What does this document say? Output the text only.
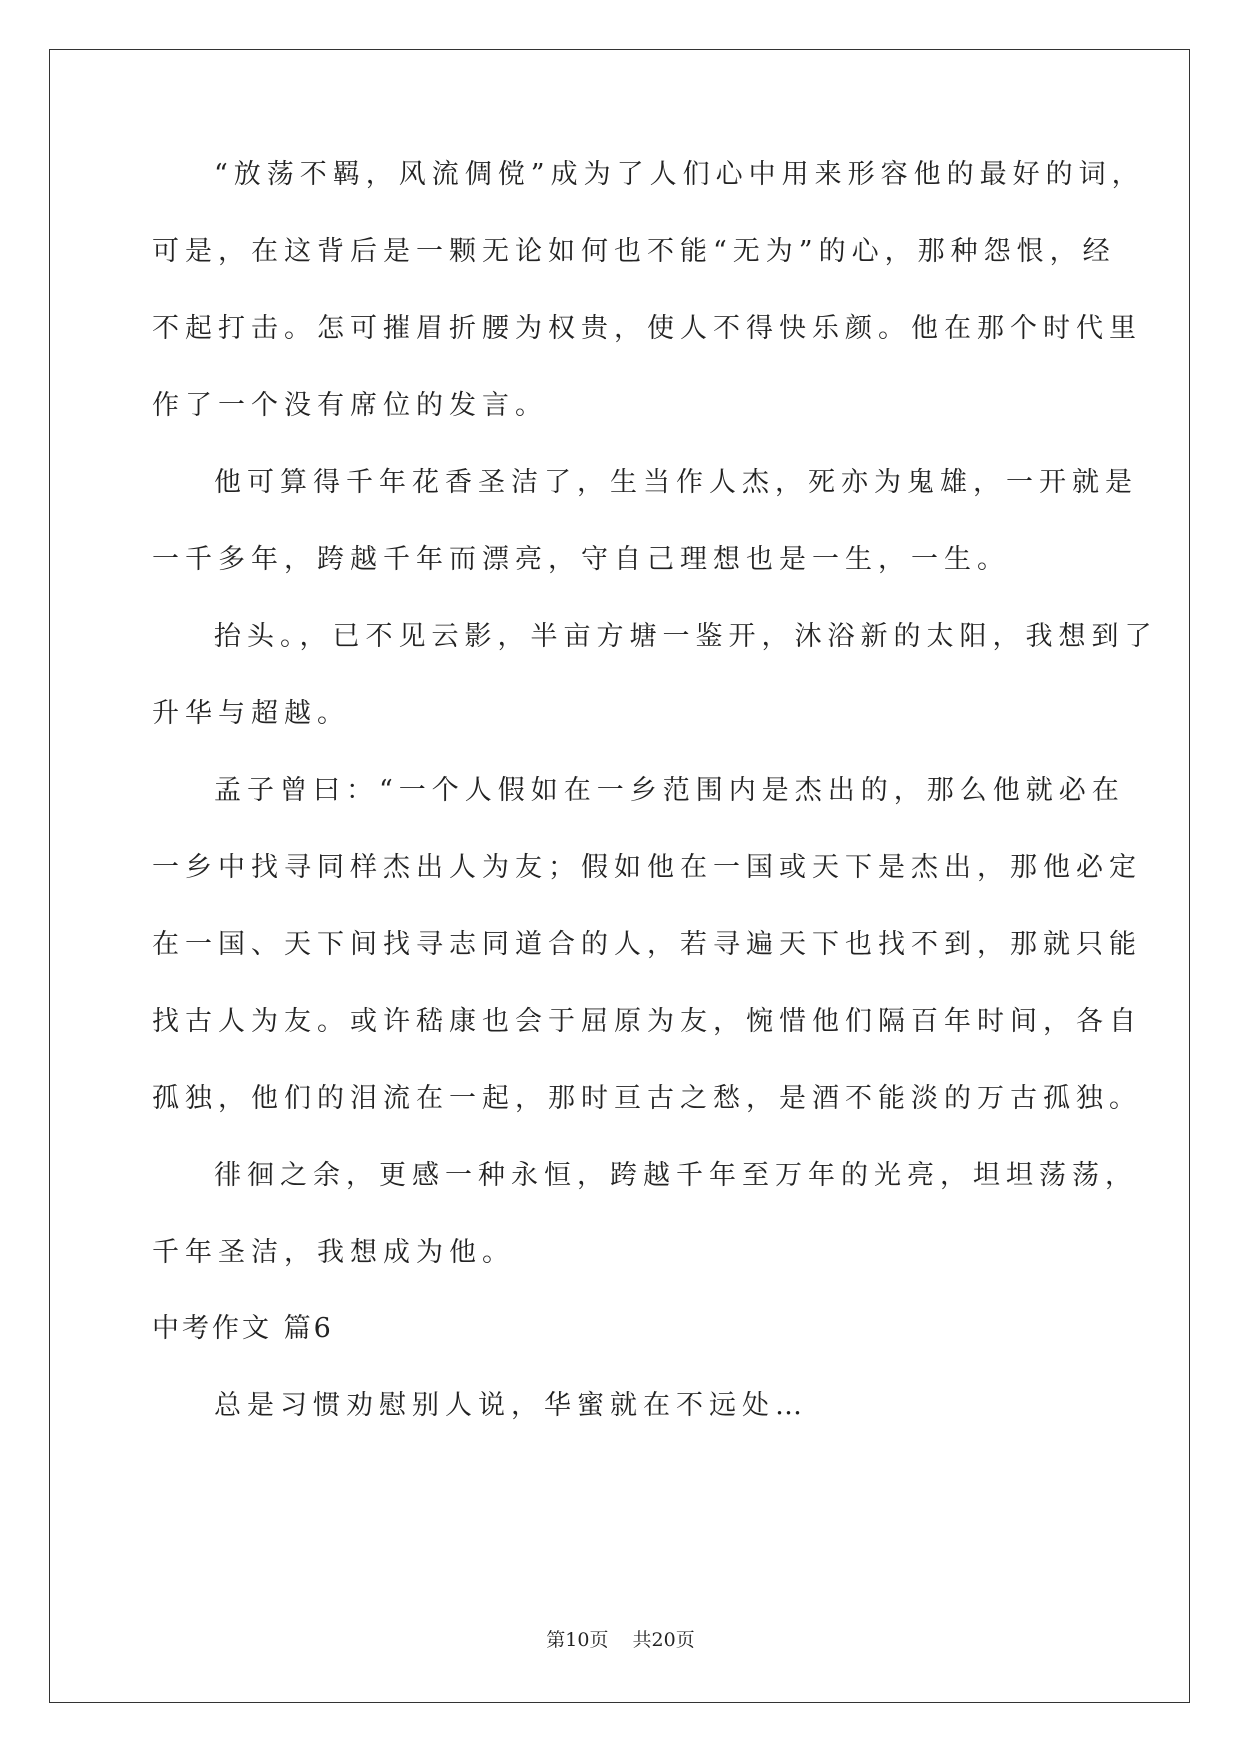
“放荡不羁，风流倜傥”成为了人们心中用来形容他的最好的词，
可是，在这背后是一颗无论如何也不能“无为”的心，那种怨恨，经
不起打击。怎可摧眉折腰为权贵，使人不得快乐颜。他在那个时代里
作了一个没有席位的发言。
他可算得千年花香圣洁了，生当作人杰，死亦为鬼雄，一开就是
一千多年，跨越千年而漂亮，守自己理想也是一生，一生。
抬头。，已不见云影，半亩方塘一鉴开，沐浴新的太阳，我想到了
升华与超越。
孟子曾曰：“一个人假如在一乡范围内是杰出的，那么他就必在
一乡中找寻同样杰出人为友；假如他在一国或天下是杰出，那他必定
在一国、天下间找寻志同道合的人，若寻遍天下也找不到，那就只能
找古人为友。或许嵇康也会于屈原为友，惋惜他们隔百年时间，各自
孤独，他们的泪流在一起，那时亘古之愁，是酒不能淡的万古孤独。
徘徊之余，更感一种永恒，跨越千年至万年的光亮，坦坦荡荡，
千年圣洁，我想成为他。
中考作文 篇6
总是习惯劝慰别人说，华蜜就在不远处…
第10页 共20页
